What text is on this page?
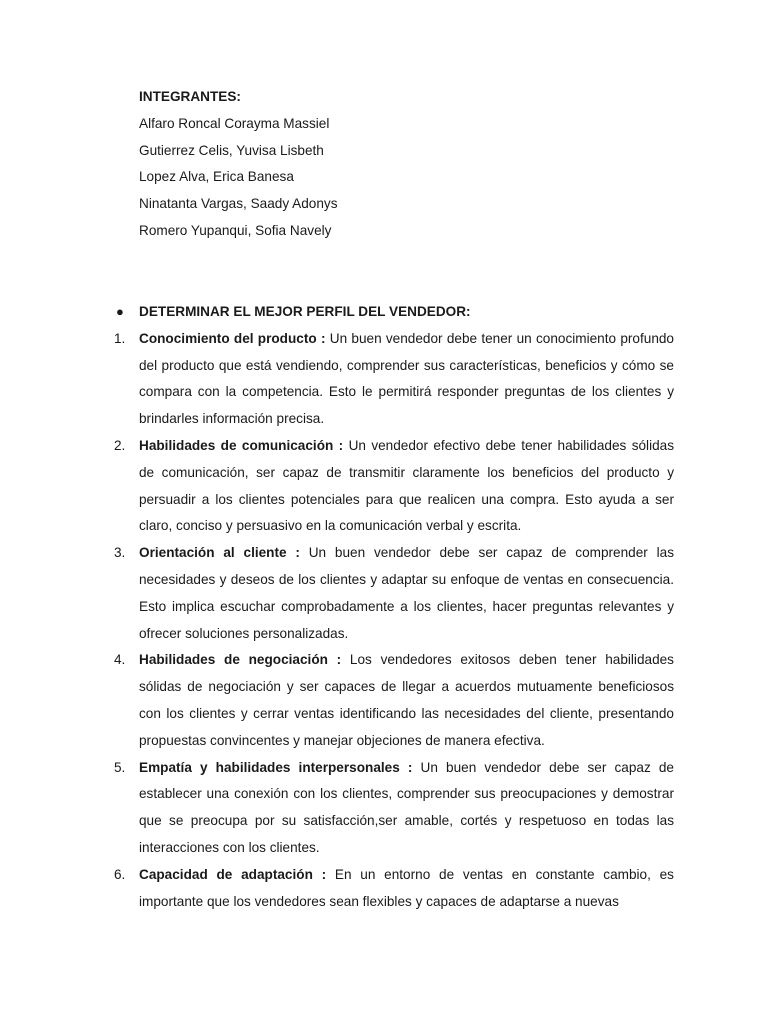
INTEGRANTES:

Alfaro Roncal Corayma Massiel

Gutierrez Celis, Yuvisa Lisbeth

Lopez Alva, Erica Banesa

Ninatanta Vargas, Saady Adonys

Romero Yupanqui, Sofia Navely

● DETERMINAR EL MEJOR PERFIL DEL VENDEDOR:

1. Conocimiento del producto : Un buen vendedor debe tener un conocimiento profundo del producto que está vendiendo, comprender sus características, beneficios y cómo se compara con la competencia. Esto le permitirá responder preguntas de los clientes y brindarles información precisa.

2. Habilidades de comunicación : Un vendedor efectivo debe tener habilidades sólidas de comunicación, ser capaz de transmitir claramente los beneficios del producto y persuadir a los clientes potenciales para que realicen una compra. Esto ayuda a ser claro, conciso y persuasivo en la comunicación verbal y escrita.

3. Orientación al cliente : Un buen vendedor debe ser capaz de comprender las necesidades y deseos de los clientes y adaptar su enfoque de ventas en consecuencia. Esto implica escuchar comprobadamente a los clientes, hacer preguntas relevantes y ofrecer soluciones personalizadas.

4. Habilidades de negociación : Los vendedores exitosos deben tener habilidades sólidas de negociación y ser capaces de llegar a acuerdos mutuamente beneficiosos con los clientes y cerrar ventas identificando las necesidades del cliente, presentando propuestas convincentes y manejar objeciones de manera efectiva.

5. Empatía y habilidades interpersonales : Un buen vendedor debe ser capaz de establecer una conexión con los clientes, comprender sus preocupaciones y demostrar que se preocupa por su satisfacción,ser amable, cortés y respetuoso en todas las interacciones con los clientes.

6. Capacidad de adaptación : En un entorno de ventas en constante cambio, es importante que los vendedores sean flexibles y capaces de adaptarse a nuevas
